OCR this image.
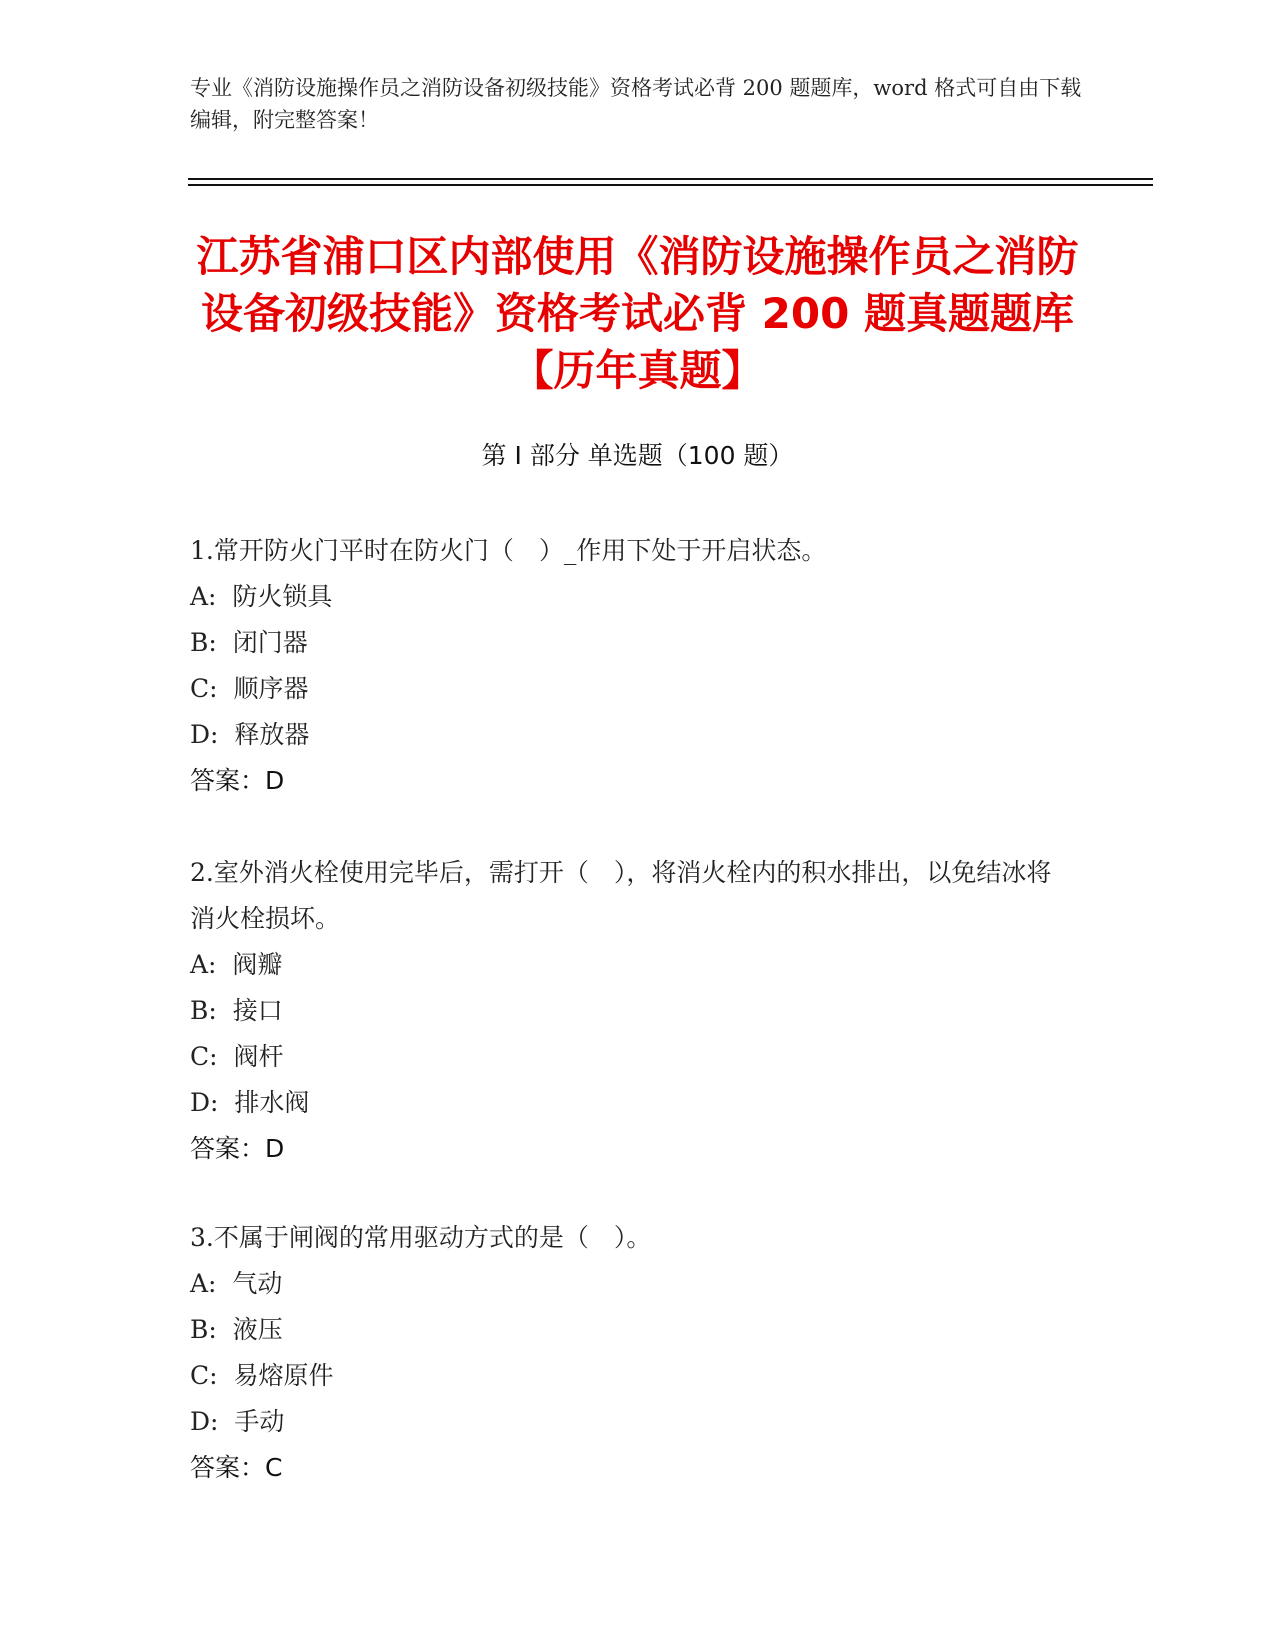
专业《消防设施操作员之消防设备初级技能》资格考试必背 200 题题库，word 格式可自由下载编辑，附完整答案！
江苏省浦口区内部使用《消防设施操作员之消防设备初级技能》资格考试必背 200 题真题题库【历年真题】
第 I 部分 单选题（100 题）

1.常开防火门平时在防火门（　）_作用下处于开启状态。

A:  防火锁具

B:  闭门器

C:  顺序器

D:  释放器

答案：D

2.室外消火栓使用完毕后，需打开（　），将消火栓内的积水排出，以免结冰将消火栓损坏。

A:  阀瓣

B:  接口

C:  阀杆

D:  排水阀

答案：D

3.不属于闸阀的常用驱动方式的是（　）。

A:  气动

B:  液压

C:  易熔原件

D:  手动

答案：C
